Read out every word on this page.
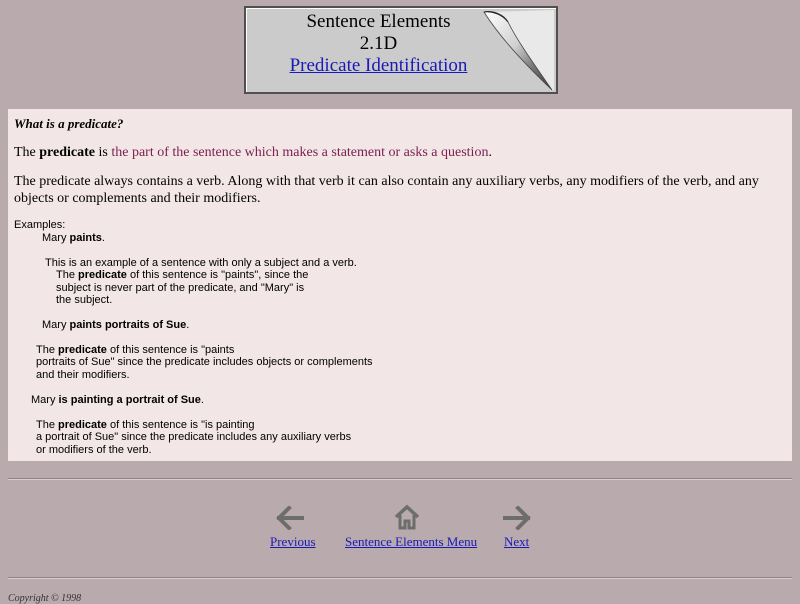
Sentence Elements
2.1D
Predicate Identification
What is a predicate?
The predicate is the part of the sentence which makes a statement or asks a question.
The predicate always contains a verb. Along with that verb it can also contain any auxiliary verbs, any modifiers of the verb, and any objects or complements and their modifiers.
Examples:
Mary paints.
This is an example of a sentence with only a subject and a verb.
The predicate of this sentence is "paints", since the
subject is never part of the predicate, and "Mary" is
the subject.
Mary paints portraits of Sue.
The predicate of this sentence is "paints
portraits of Sue" since the predicate includes objects or complements
and their modifiers.
Mary is painting a portrait of Sue.
The predicate of this sentence is "is painting
a portrait of Sue" since the predicate includes any auxiliary verbs
or modifiers of the verb.
Previous Sentence Elements Menu Next
Copyright © 1998
